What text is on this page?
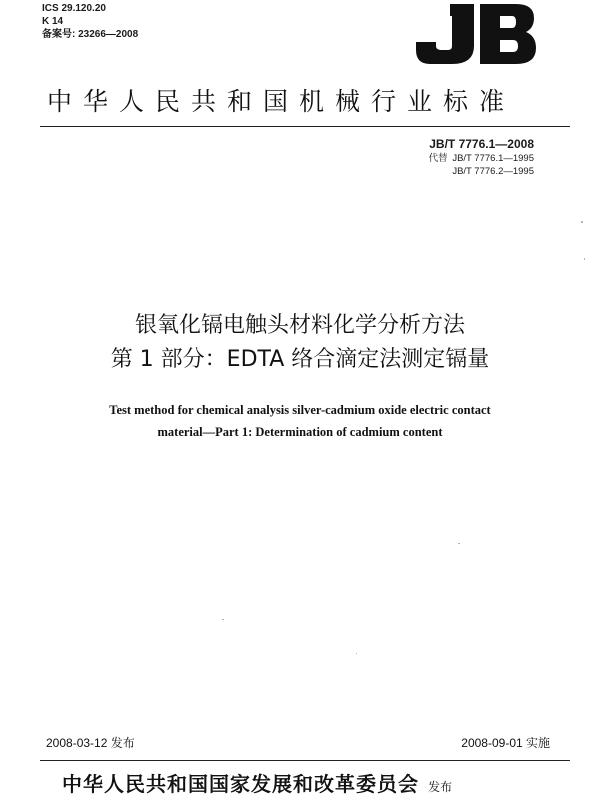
ICS 29.120.20
K 14
备案号: 23266—2008
中华人民共和国机械行业标准
JB/T 7776.1—2008
代替 JB/T 7776.1—1995
JB/T 7776.2—1995
银氧化镉电触头材料化学分析方法
第 1 部分：EDTA 络合滴定法测定镉量
Test method for chemical analysis silver-cadmium oxide electric contact
material—Part 1: Determination of cadmium content
2008-03-12 发布	2008-09-01 实施
中华人民共和国国家发展和改革委员会 发布
